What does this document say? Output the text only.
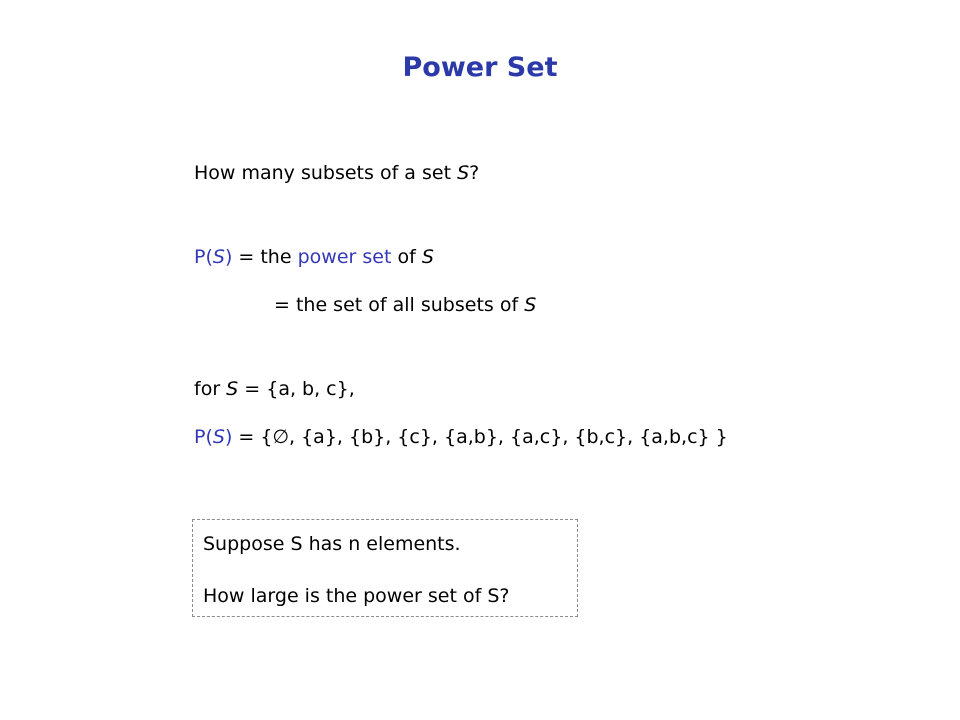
Power Set
How many subsets of a set S?
P(S) = the power set of S
= the set of all subsets of S
for S = {a, b, c},
P(S) = {∅, {a}, {b}, {c}, {a,b}, {a,c}, {b,c}, {a,b,c} }
Suppose S has n elements.
How large is the power set of S?
